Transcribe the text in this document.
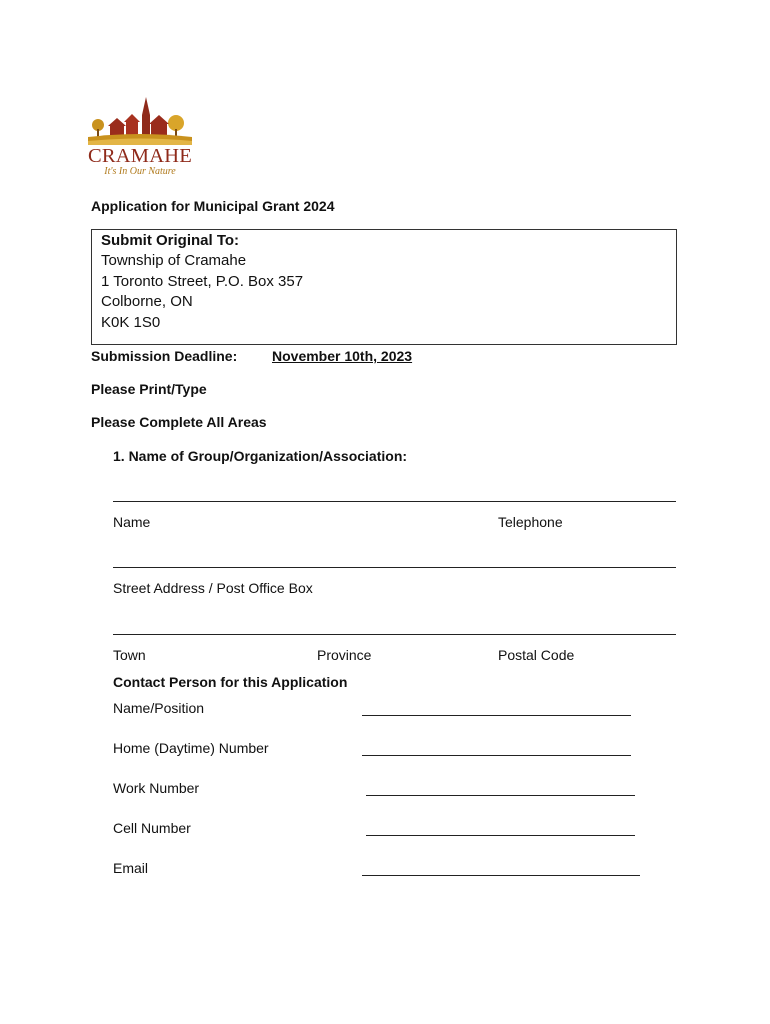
CRAMAHE
It's In Our Nature
Application for Municipal Grant 2024
Submit Original To:
Township of Cramahe
1 Toronto Street, P.O. Box 357
Colborne, ON
K0K 1S0
Submission Deadline: November 10th, 2023
Please Print/Type
Please Complete All Areas
1. Name of Group/Organization/Association:
Name	Telephone
Street Address / Post Office Box
Town	Province	Postal Code
Contact Person for this Application
Name/Position
Home (Daytime) Number
Work Number
Cell Number
Email
